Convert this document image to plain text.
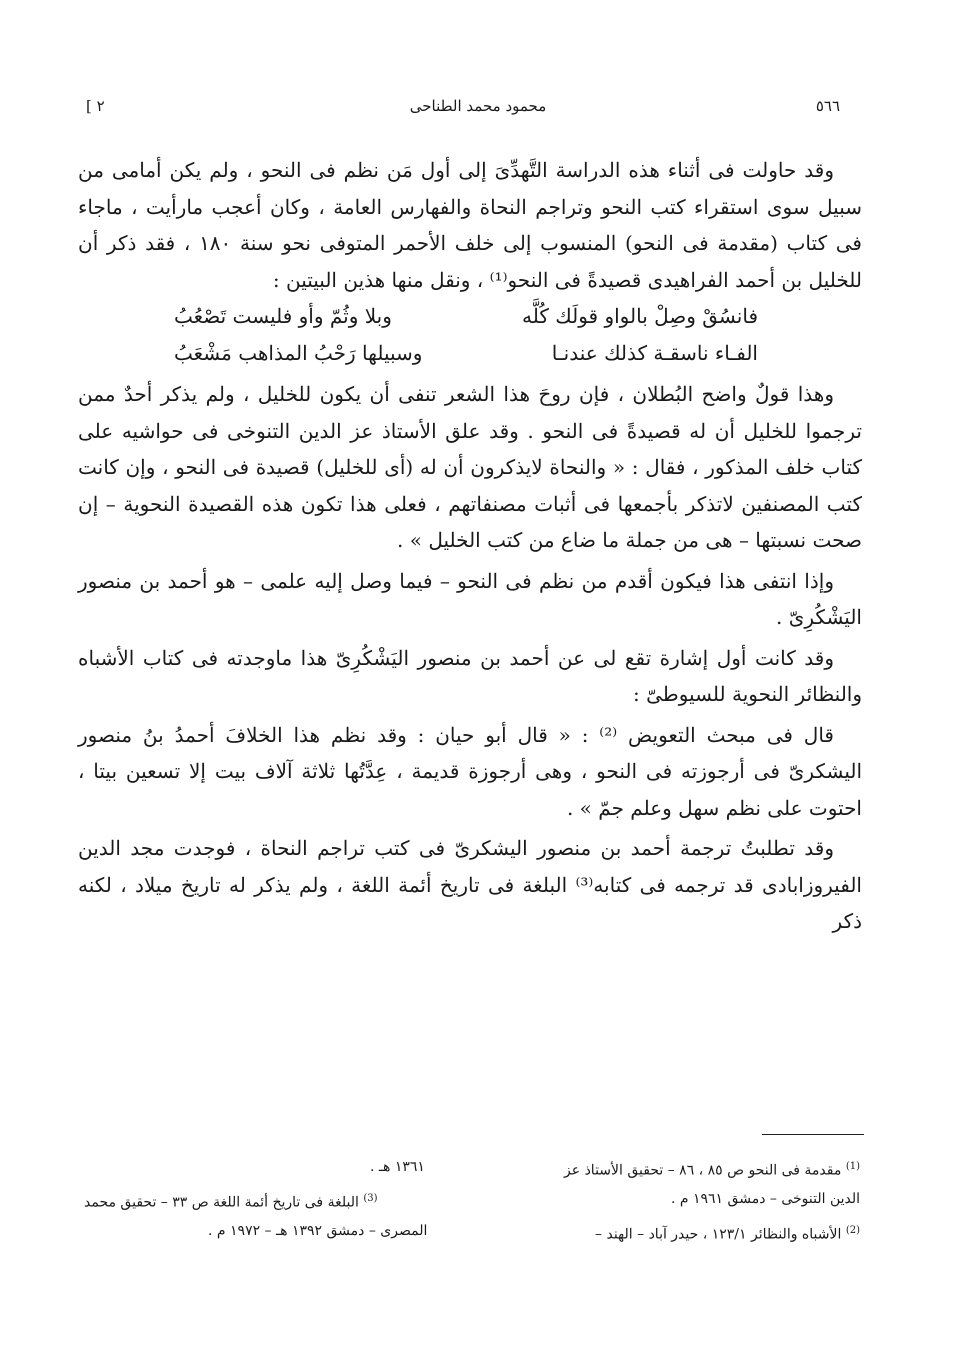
٥٦٦
محمود محمد الطناحى
[ ٢

وقد حاولت فى أثناء هذه الدراسة التَّهدِّىَ إلى أول مَن نظم فى النحو ، ولم يكن أمامى من سبيل سوى استقراء كتب النحو وتراجم النحاة والفهارس العامة ، وكان أعجب مارأيت ، ماجاء فى كتاب (مقدمة فى النحو) المنسوب إلى خلف الأحمر المتوفى نحو سنة ١٨٠ ، فقد ذكر أن للخليل بن أحمد الفراهيدى قصيدةً فى النحو⁽¹⁾ ، ونقل منها هذين البيتين :

فانسُقْ وصِلْ بالواو قولَك كُلَّه
وبلا وثُمّ وأو فليست تَصْعُبُ
الفـاء ناسقـة كذلك عندنـا
وسبيلها رَحْبُ المذاهب مَشْعَبُ

وهذا قولٌ واضح البُطلان ، فإن روحَ هذا الشعر تنفى أن يكون للخليل ، ولم يذكر أحدٌ ممن ترجموا للخليل أن له قصيدةً فى النحو . وقد علق الأستاذ عز الدين التنوخى فى حواشيه على كتاب خلف المذكور ، فقال : « والنحاة لايذكرون أن له (أى للخليل) قصيدة فى النحو ، وإن كانت كتب المصنفين لاتذكر بأجمعها فى أثبات مصنفاتهم ، فعلى هذا تكون هذه القصيدة النحوية – إن صحت نسبتها – هى من جملة ما ضاع من كتب الخليل » .

وإذا انتفى هذا فيكون أقدم من نظم فى النحو – فيما وصل إليه علمى – هو أحمد بن منصور اليَشْكُرِىّ .

وقد كانت أول إشارة تقع لى عن أحمد بن منصور اليَشْكُرِىّ هذا ماوجدته فى كتاب الأشباه والنظائر النحوية للسيوطىّ :

قال فى مبحث التعويض ⁽²⁾ : « قال أبو حيان : وقد نظم هذا الخلافَ أحمدُ بنُ منصور اليشكرىّ فى أرجوزته فى النحو ، وهى أرجوزة قديمة ، عِدَّتُها ثلاثة آلاف بيت إلا تسعين بيتا ، احتوت على نظم سهل وعلم جمّ » .

وقد تطلبتُ ترجمة أحمد بن منصور اليشكرىّ فى كتب تراجم النحاة ، فوجدت مجد الدين الفيروزابادى قد ترجمه فى كتابه⁽³⁾ البلغة فى تاريخ أئمة اللغة ، ولم يذكر له تاريخ ميلاد ، لكنه ذكر

$^{(1)}$ مقدمة فى النحو ص ٨٥ ، ٨٦ – تحقيق الأستاذ عز
١٣٦١ هـ .
الدين التنوخى – دمشق ١٩٦١ م .
$^{(3)}$ البلغة فى تاريخ أئمة اللغة ص ٣٣ – تحقيق محمد
$^{(2)}$ الأشباه والنظائر ١٢٣/١ ، حيدر آباد – الهند –
المصرى – دمشق ١٣٩٢ هـ – ١٩٧٢ م .
